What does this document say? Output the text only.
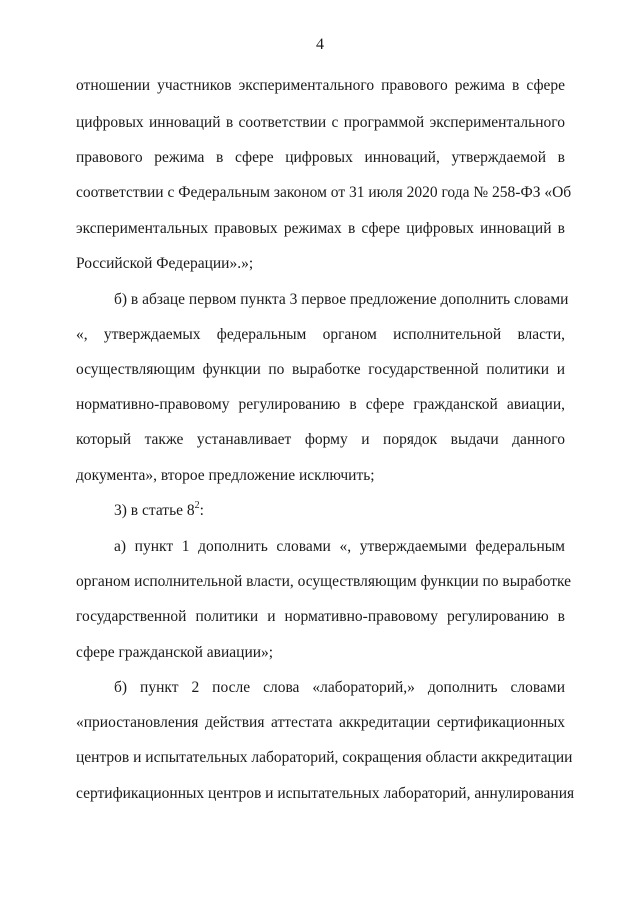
4
отношении участников экспериментального правового режима в сфере
цифровых инноваций в соответствии с программой экспериментального
правового режима в сфере цифровых инноваций, утверждаемой в
соответствии с Федеральным законом от 31 июля 2020 года № 258-ФЗ «Об
экспериментальных правовых режимах в сфере цифровых инноваций в
Российской Федерации».»;
б) в абзаце первом пункта 3 первое предложение дополнить словами
«, утверждаемых федеральным органом исполнительной власти,
осуществляющим функции по выработке государственной политики и
нормативно-правовому регулированию в сфере гражданской авиации,
который также устанавливает форму и порядок выдачи данного
документа», второе предложение исключить;
3) в статье $8^2$:
а) пункт 1 дополнить словами «, утверждаемыми федеральным
органом исполнительной власти, осуществляющим функции по выработке
государственной политики и нормативно-правовому регулированию в
сфере гражданской авиации»;
б) пункт 2 после слова «лабораторий,» дополнить словами
«приостановления действия аттестата аккредитации сертификационных
центров и испытательных лабораторий, сокращения области аккредитации
сертификационных центров и испытательных лабораторий, аннулирования
